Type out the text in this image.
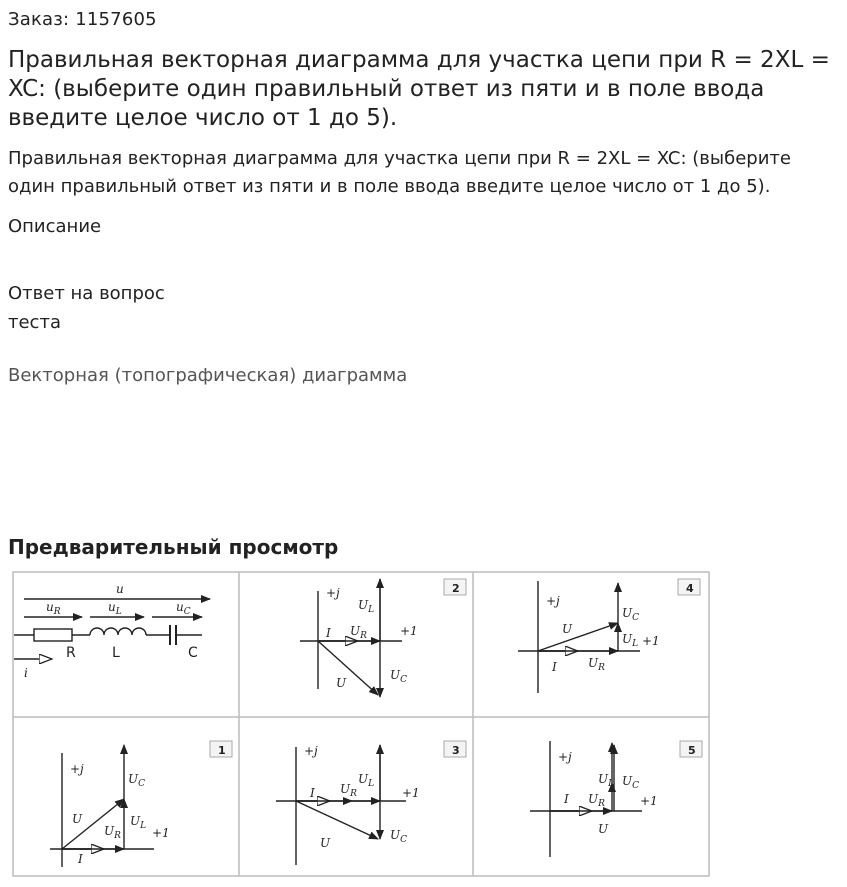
Заказ: 1157605
Правильная векторная диаграмма для участка цепи при R = 2XL = XC: (выберите один правильный ответ из пяти и в поле ввода введите целое число от 1 до 5).
Правильная векторная диаграмма для участка цепи при R = 2XL = XC: (выберите один правильный ответ из пяти и в поле ввода введите целое число от 1 до 5).
Описание
Ответ на вопрос
теста
Векторная (топографическая) диаграмма
Предварительный просмотр
u
$u_R$	$u_L$	$u_C$
R	L	C
i
2	4
1	3	5
+j
+1
I $U_R$
$U_L$
$U_C$
U
+j
+1
U
$U_C$
$U_L$
$U_R$
I
+j
$U_C$
$U_L +1$
U
$U_R$
I
+j
$U_L$
+1
I $U_R$
$U_C$
U
+j
$U_L$ $U_C$
+1
I $U_R$
U
